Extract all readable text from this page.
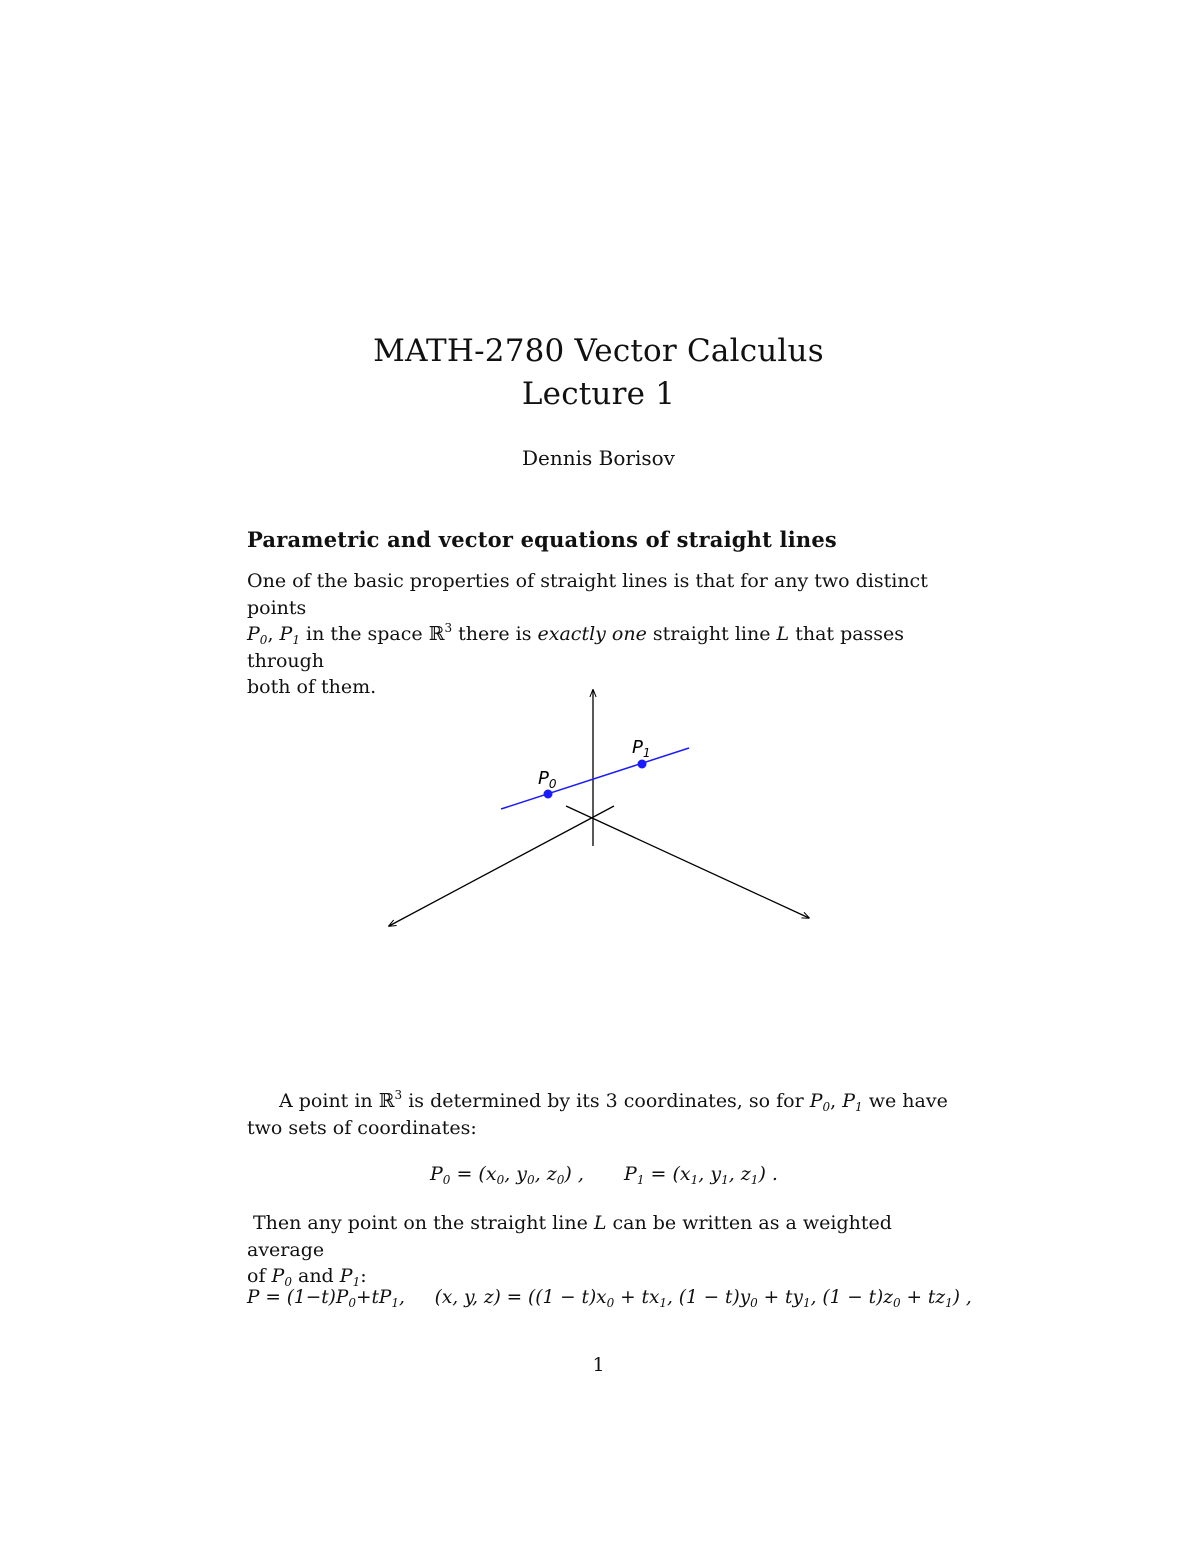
MATH-2780 Vector Calculus
Lecture 1
Dennis Borisov
Parametric and vector equations of straight lines
One of the basic properties of straight lines is that for any two distinct points
$P_0$, $P_1$ in the space ℝ$^3$ there is exactly one straight line L that passes through
both of them.
$P_0$
$P_1$
A point in ℝ$^3$ is determined by its 3 coordinates, so for $P_0$, $P_1$ we have
two sets of coordinates:
$P_0 = (x_0$, $y_0$, $z_0$) , $P_1 = (x_1$, $y_1$, $z_1$) .
Then any point on the straight line L can be written as a weighted average
of $P_0$ and $P_1$:
$P = (1-t)P_0+tP_1$, (x, y, $z) = ((1 - t)x_0 + tx_1$, $(1 - t)y_0 + ty_1$, $(1 - t)z_0 + tz_1$) ,
1
